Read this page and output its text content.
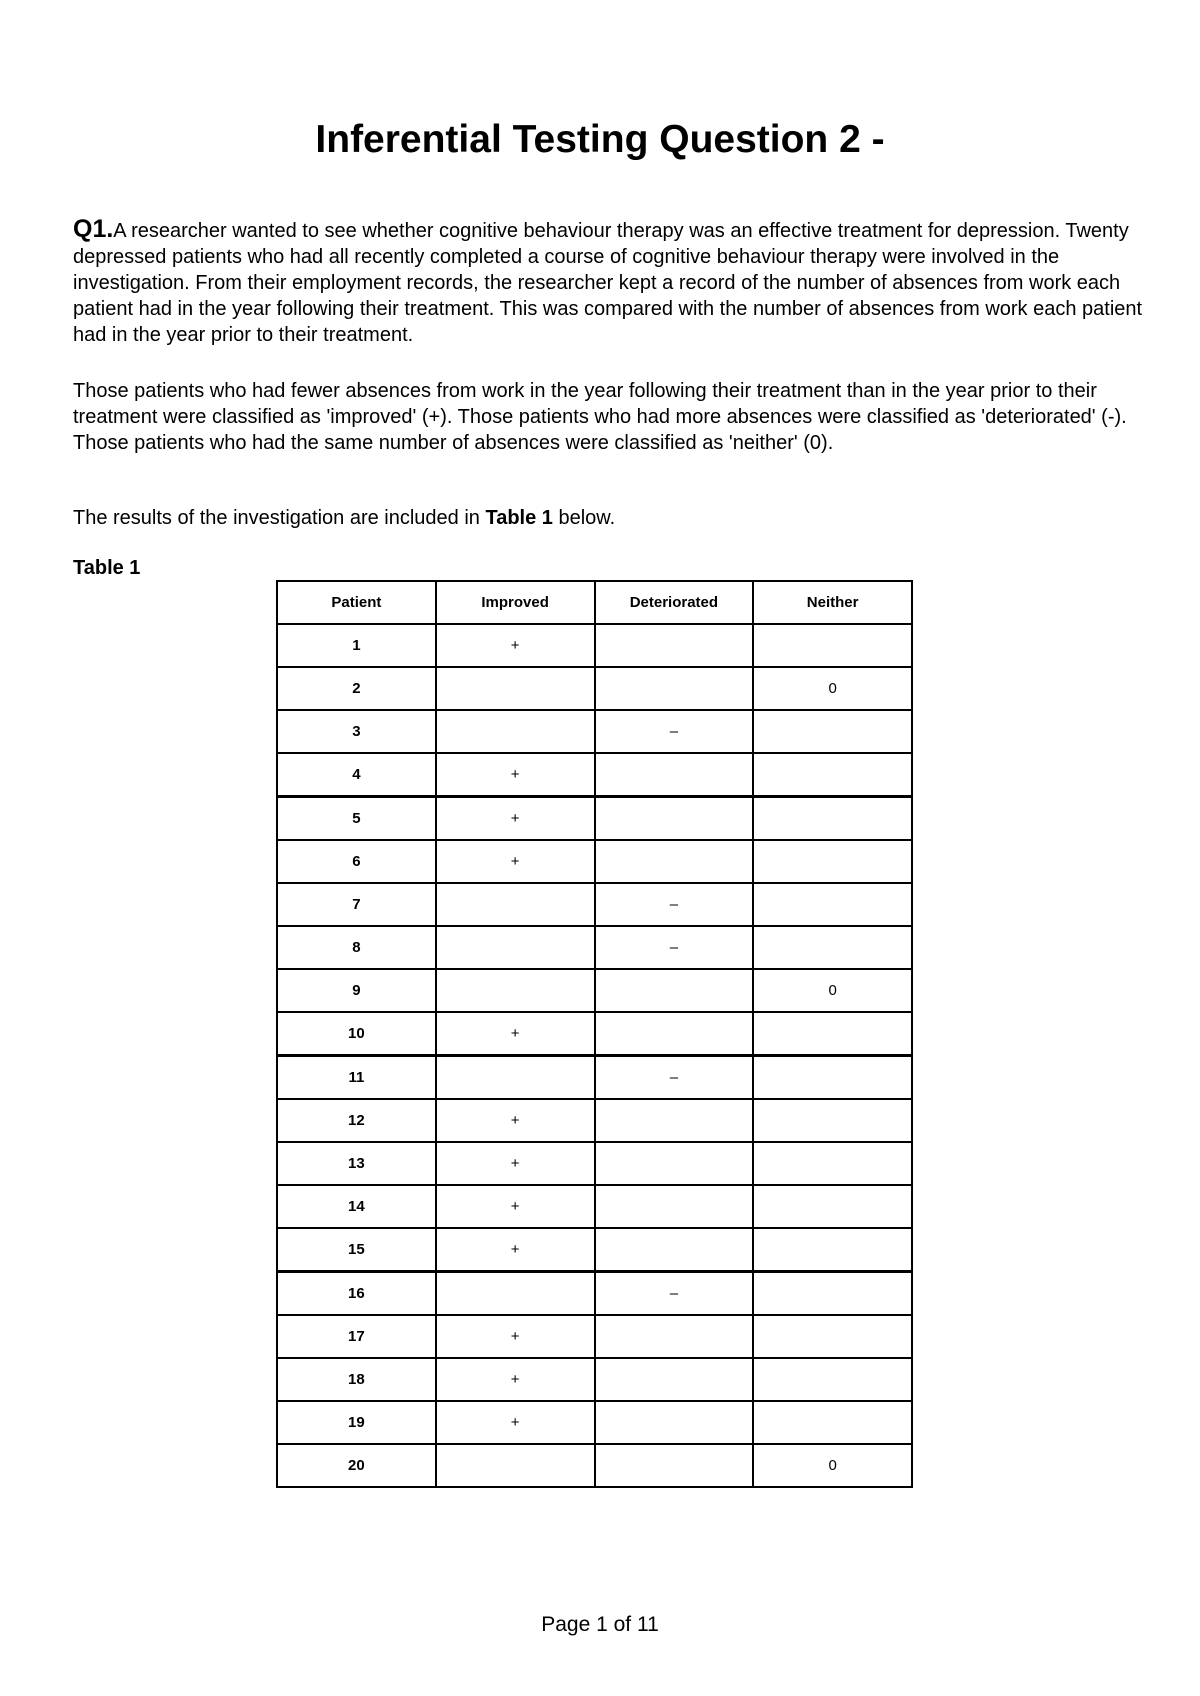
Inferential Testing Question 2 -

Q1.A researcher wanted to see whether cognitive behaviour therapy was an effective treatment for depression. Twenty depressed patients who had all recently completed a course of cognitive behaviour therapy were involved in the investigation. From their employment records, the researcher kept a record of the number of absences from work each patient had in the year following their treatment. This was compared with the number of absences from work each patient had in the year prior to their treatment.

Those patients who had fewer absences from work in the year following their treatment than in the year prior to their treatment were classified as 'improved' (+). Those patients who had more absences were classified as 'deteriorated' (-). Those patients who had the same number of absences were classified as 'neither' (0).

The results of the investigation are included in Table 1 below.

Table 1

Patient	Improved	Deteriorated	Neither
1	+		
2			0
3		–	
4	+		
5	+		
6	+		
7		–	
8		–	
9			0
10	+		
11		–	
12	+		
13	+		
14	+		
15	+		
16		–	
17	+		
18	+		
19	+		
20			0

Page 1 of 11
